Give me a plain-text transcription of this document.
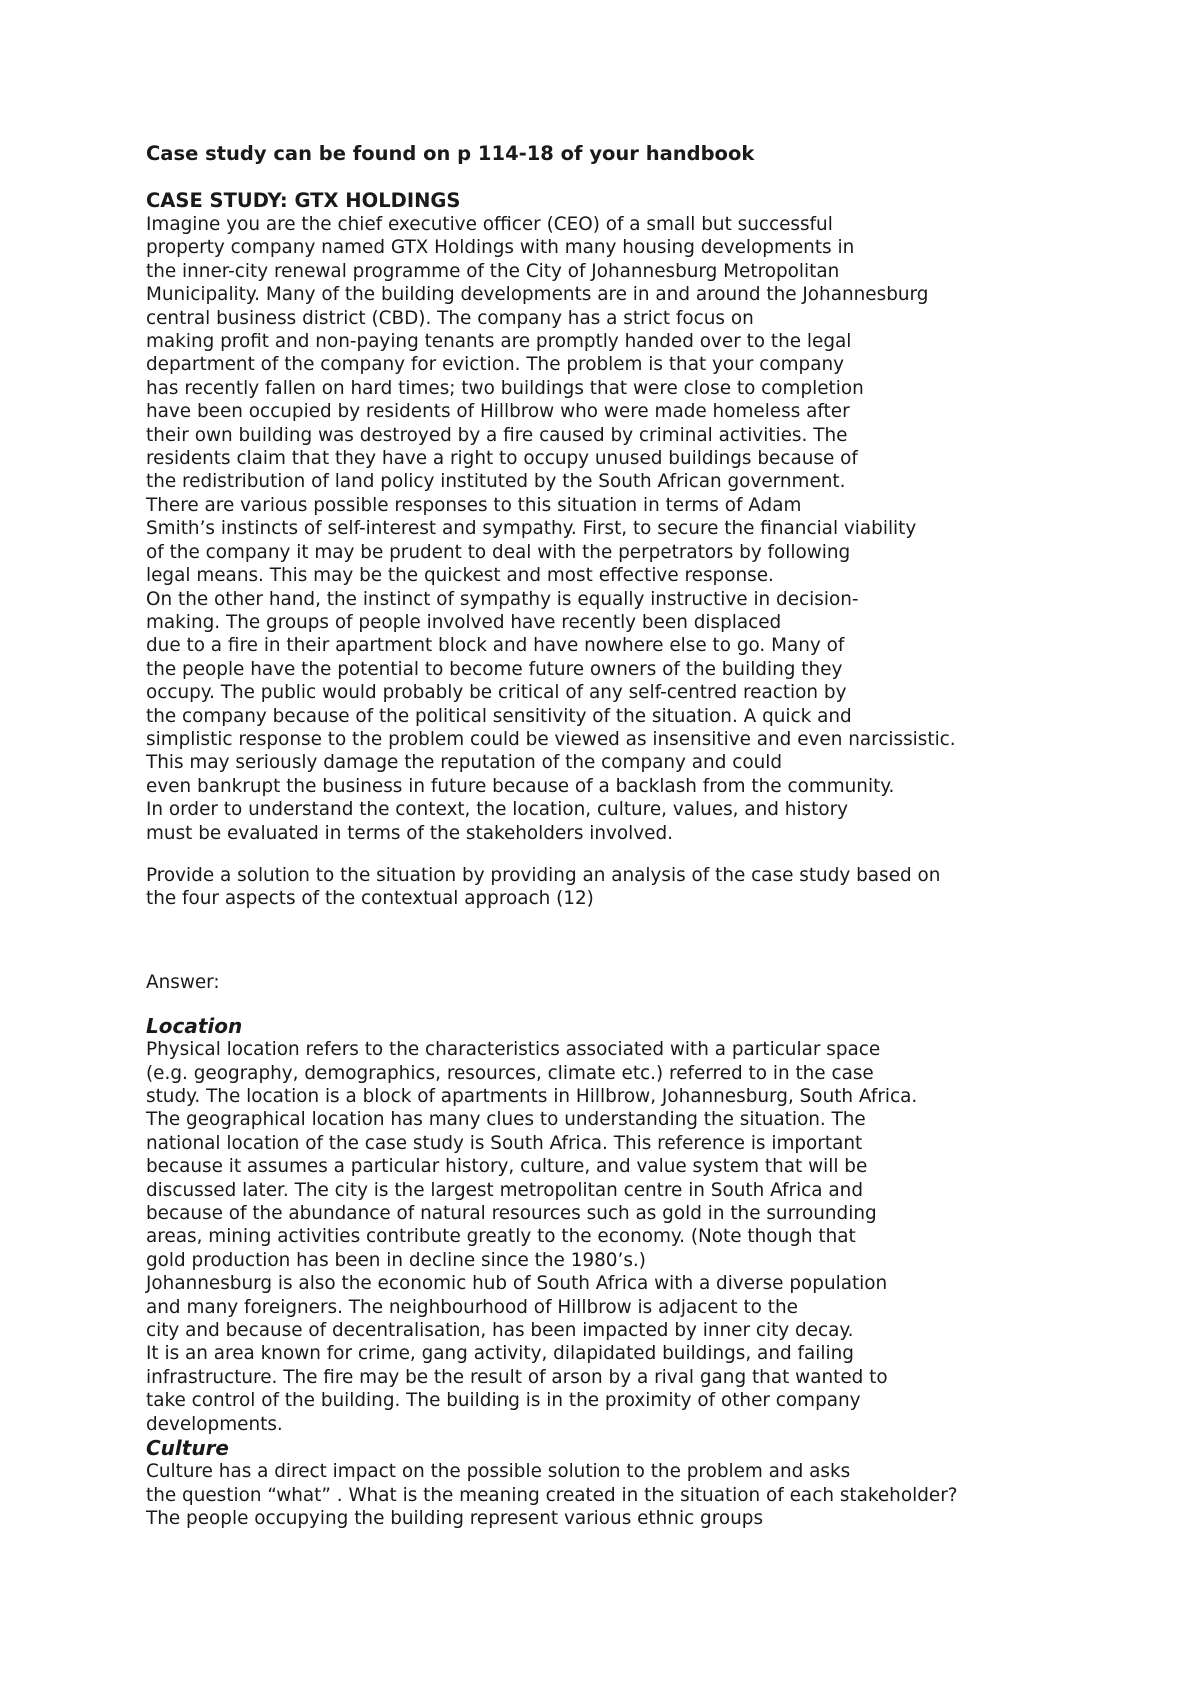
Case study can be found on p 114-18 of your handbook

CASE STUDY: GTX HOLDINGS

Imagine you are the chief executive officer (CEO) of a small but successful

property company named GTX Holdings with many housing developments in

the inner-city renewal programme of the City of Johannesburg Metropolitan

Municipality. Many of the building developments are in and around the Johannesburg

central business district (CBD). The company has a strict focus on

making profit and non-paying tenants are promptly handed over to the legal

department of the company for eviction. The problem is that your company

has recently fallen on hard times; two buildings that were close to completion

have been occupied by residents of Hillbrow who were made homeless after

their own building was destroyed by a fire caused by criminal activities. The

residents claim that they have a right to occupy unused buildings because of

the redistribution of land policy instituted by the South African government.

There are various possible responses to this situation in terms of Adam

Smith’s instincts of self-interest and sympathy. First, to secure the financial viability

of the company it may be prudent to deal with the perpetrators by following

legal means. This may be the quickest and most effective response.

On the other hand, the instinct of sympathy is equally instructive in decision-

making. The groups of people involved have recently been displaced

due to a fire in their apartment block and have nowhere else to go. Many of

the people have the potential to become future owners of the building they

occupy. The public would probably be critical of any self-centred reaction by

the company because of the political sensitivity of the situation. A quick and

simplistic response to the problem could be viewed as insensitive and even narcissistic.

This may seriously damage the reputation of the company and could

even bankrupt the business in future because of a backlash from the community.

In order to understand the context, the location, culture, values, and history

must be evaluated in terms of the stakeholders involved.

Provide a solution to the situation by providing an analysis of the case study based on

the four aspects of the contextual approach (12)

Answer:

Location

Physical location refers to the characteristics associated with a particular space

(e.g. geography, demographics, resources, climate etc.) referred to in the case

study. The location is a block of apartments in Hillbrow, Johannesburg, South Africa.

The geographical location has many clues to understanding the situation. The

national location of the case study is South Africa. This reference is important

because it assumes a particular history, culture, and value system that will be

discussed later. The city is the largest metropolitan centre in South Africa and

because of the abundance of natural resources such as gold in the surrounding

areas, mining activities contribute greatly to the economy. (Note though that

gold production has been in decline since the 1980’s.)

Johannesburg is also the economic hub of South Africa with a diverse population

and many foreigners. The neighbourhood of Hillbrow is adjacent to the

city and because of decentralisation, has been impacted by inner city decay.

It is an area known for crime, gang activity, dilapidated buildings, and failing

infrastructure. The fire may be the result of arson by a rival gang that wanted to

take control of the building. The building is in the proximity of other company

developments.

Culture

Culture has a direct impact on the possible solution to the problem and asks

the question “what” . What is the meaning created in the situation of each stakeholder?

The people occupying the building represent various ethnic groups
